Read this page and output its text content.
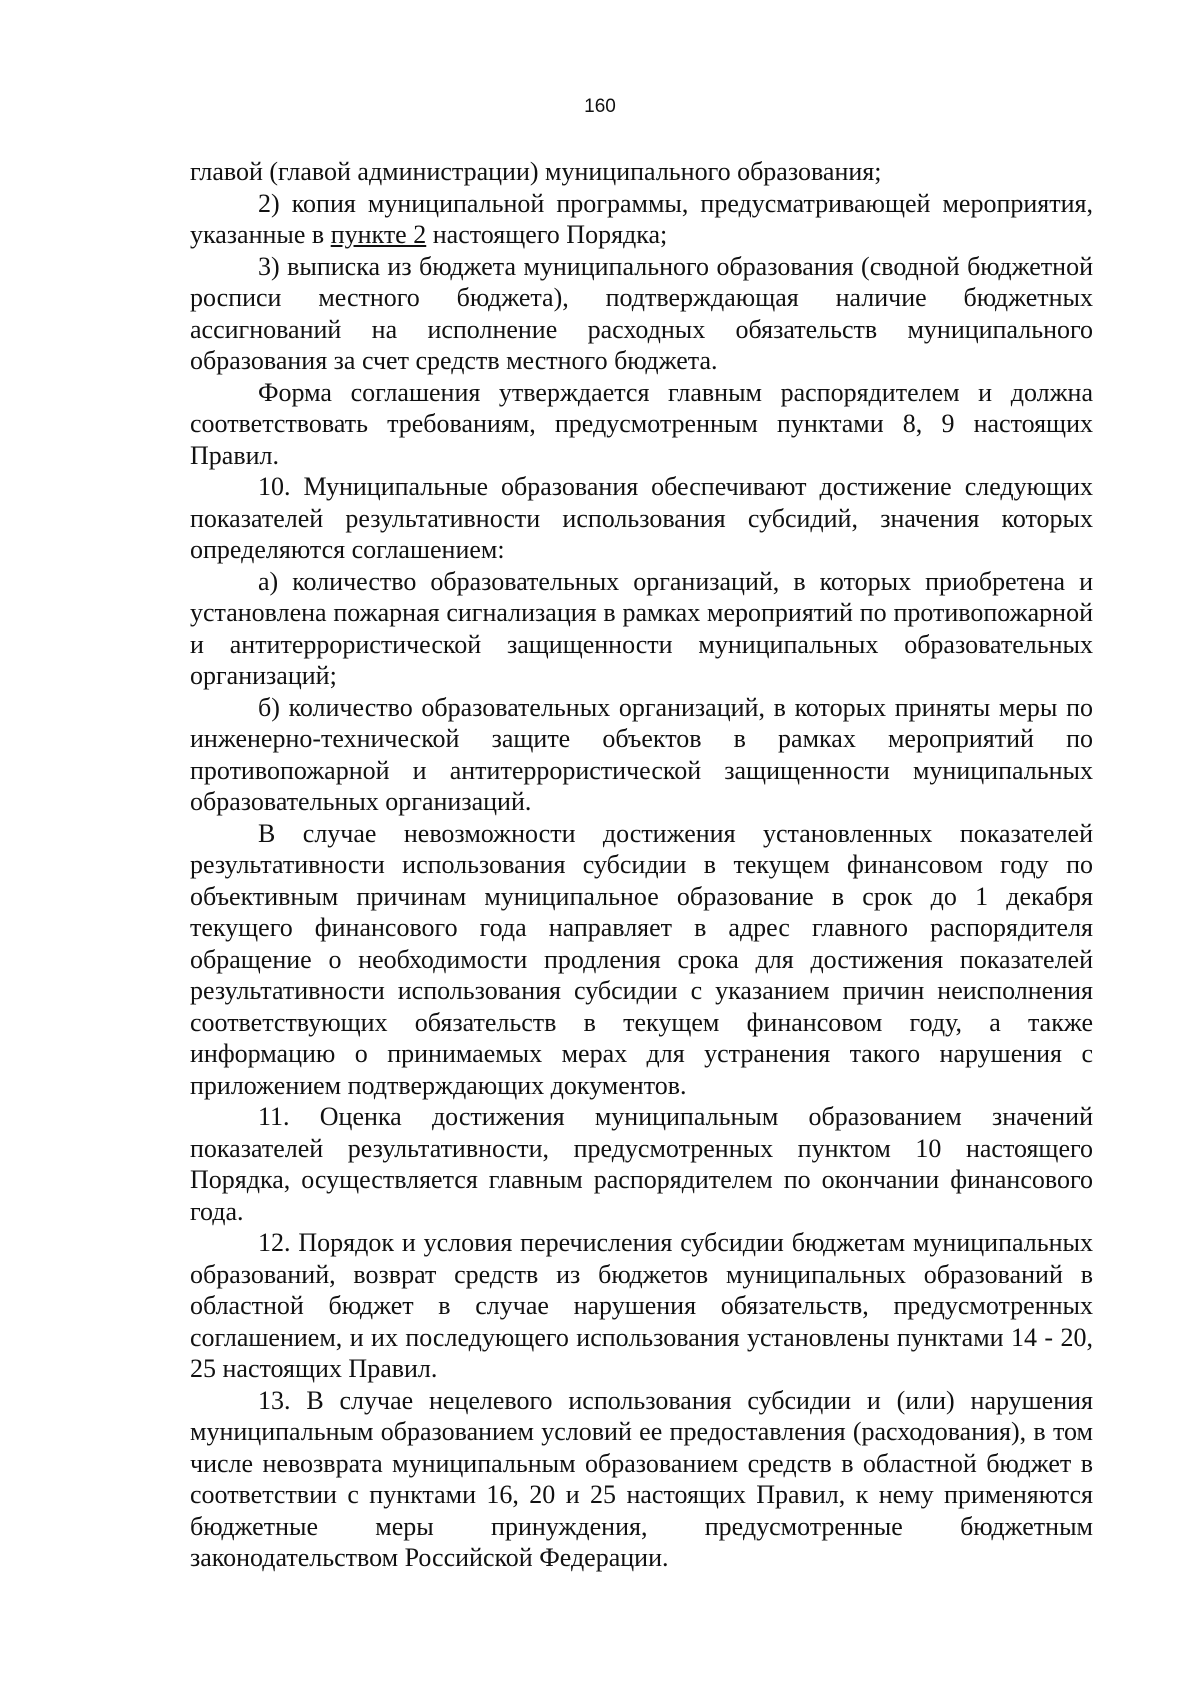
160

главой (главой администрации) муниципального образования;

2) копия муниципальной программы, предусматривающей мероприятия, указанные в пункте 2 настоящего Порядка;

3) выписка из бюджета муниципального образования (сводной бюджетной росписи местного бюджета), подтверждающая наличие бюджетных ассигнований на исполнение расходных обязательств муниципального образования за счет средств местного бюджета.

Форма соглашения утверждается главным распорядителем и должна соответствовать требованиям, предусмотренным пунктами 8, 9 настоящих Правил.

10. Муниципальные образования обеспечивают достижение следующих показателей результативности использования субсидий, значения которых определяются соглашением:

а) количество образовательных организаций, в которых приобретена и установлена пожарная сигнализация в рамках мероприятий по противопожарной и антитеррористической защищенности муниципальных образовательных организаций;

б) количество образовательных организаций, в которых приняты меры по инженерно-технической защите объектов в рамках мероприятий по противопожарной и антитеррористической защищенности муниципальных образовательных организаций.

В случае невозможности достижения установленных показателей результативности использования субсидии в текущем финансовом году по объективным причинам муниципальное образование в срок до 1 декабря текущего финансового года направляет в адрес главного распорядителя обращение о необходимости продления срока для достижения показателей результативности использования субсидии с указанием причин неисполнения соответствующих обязательств в текущем финансовом году, а также информацию о принимаемых мерах для устранения такого нарушения с приложением подтверждающих документов.

11. Оценка достижения муниципальным образованием значений показателей результативности, предусмотренных пунктом 10 настоящего Порядка, осуществляется главным распорядителем по окончании финансового года.

12. Порядок и условия перечисления субсидии бюджетам муниципальных образований, возврат средств из бюджетов муниципальных образований в областной бюджет в случае нарушения обязательств, предусмотренных соглашением, и их последующего использования установлены пунктами 14 - 20, 25 настоящих Правил.

13. В случае нецелевого использования субсидии и (или) нарушения муниципальным образованием условий ее предоставления (расходования), в том числе невозврата муниципальным образованием средств в областной бюджет в соответствии с пунктами 16, 20 и 25 настоящих Правил, к нему применяются бюджетные меры принуждения, предусмотренные бюджетным законодательством Российской Федерации.
